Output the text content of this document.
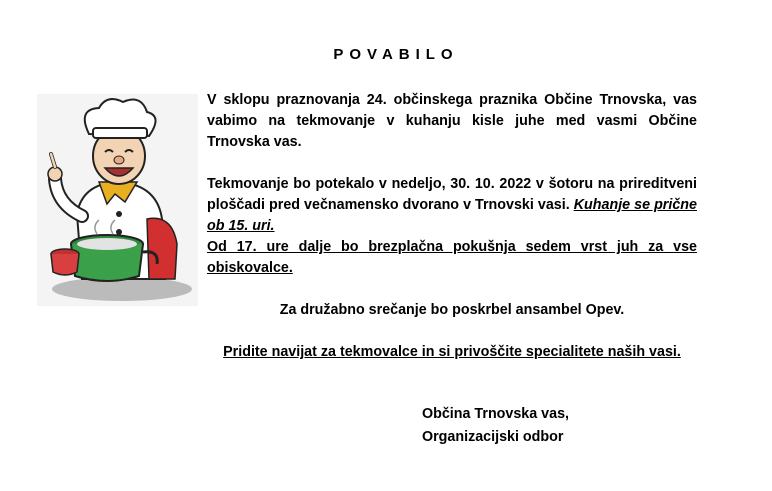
POVABILO

V sklopu praznovanja 24. občinskega praznika Občine Trnovska, vas vabimo na tekmovanje v kuhanju kisle juhe med vasmi Občine Trnovska vas.

Tekmovanje bo potekalo v nedeljo, 30. 10. 2022 v šotoru na prireditveni ploščadi pred večnamensko dvorano v Trnovski vasi. Kuhanje se prične ob 15. uri.

Od 17. ure dalje bo brezplačna pokušnja sedem vrst juh za vse obiskovalce.

Za družabno srečanje bo poskrbel ansambel Opev.

Pridite navijat za tekmovalce in si privoščite specialitete naših vasi.

Občina Trnovska vas,
Organizacijski odbor
